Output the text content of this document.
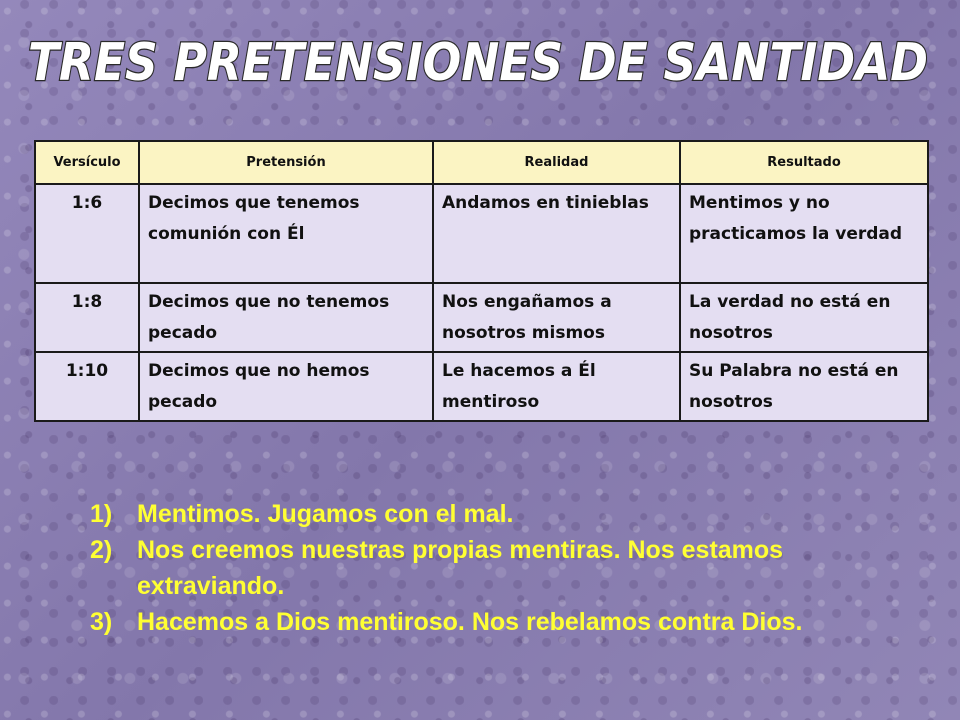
TRES PRETENSIONES DE SANTIDAD
Versículo	Pretensión	Realidad	Resultado
1:6	Decimos que tenemos comunión con Él	Andamos en tinieblas	Mentimos y no practicamos la verdad
1:8	Decimos que no tenemos pecado	Nos engañamos a nosotros mismos	La verdad no está en nosotros
1:10	Decimos que no hemos pecado	Le hacemos a Él mentiroso	Su Palabra no está en nosotros
1) Mentimos. Jugamos con el mal.
2) Nos creemos nuestras propias mentiras. Nos estamos extraviando.
3) Hacemos a Dios mentiroso. Nos rebelamos contra Dios.
